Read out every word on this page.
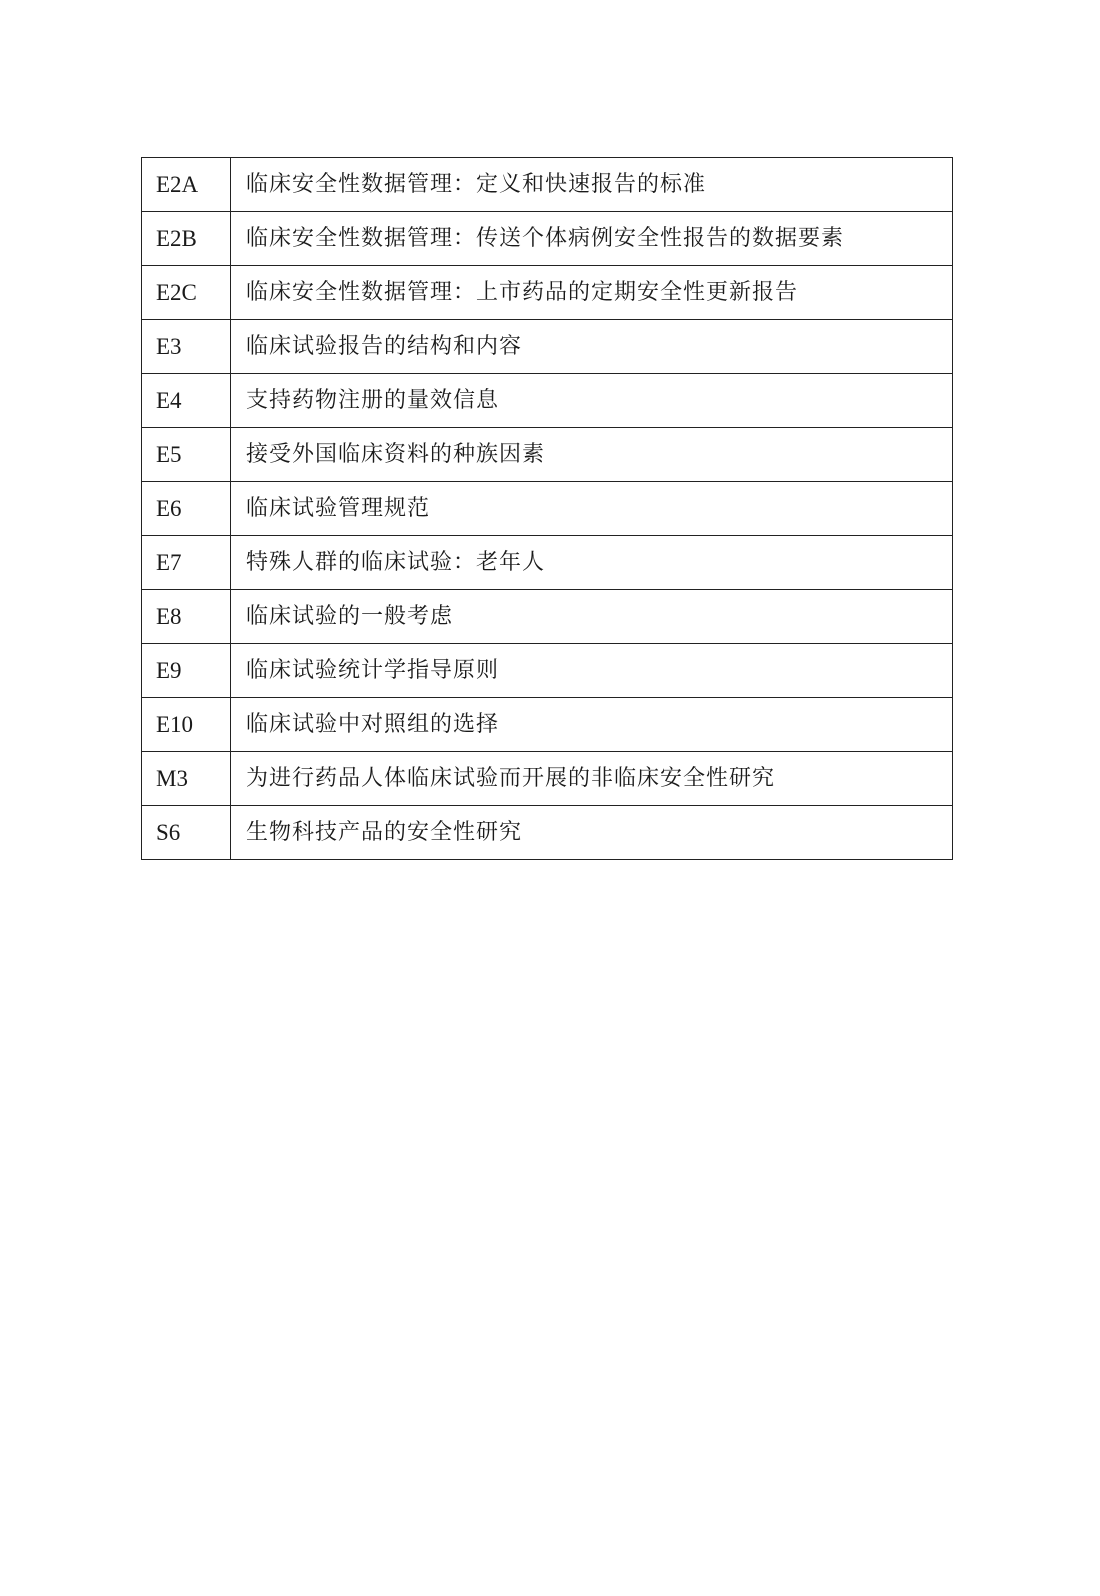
E2A	临床安全性数据管理：定义和快速报告的标准
E2B	临床安全性数据管理：传送个体病例安全性报告的数据要素
E2C	临床安全性数据管理：上市药品的定期安全性更新报告
E3	临床试验报告的结构和内容
E4	支持药物注册的量效信息
E5	接受外国临床资料的种族因素
E6	临床试验管理规范
E7	特殊人群的临床试验：老年人
E8	临床试验的一般考虑
E9	临床试验统计学指导原则
E10	临床试验中对照组的选择
M3	为进行药品人体临床试验而开展的非临床安全性研究
S6	生物科技产品的安全性研究
